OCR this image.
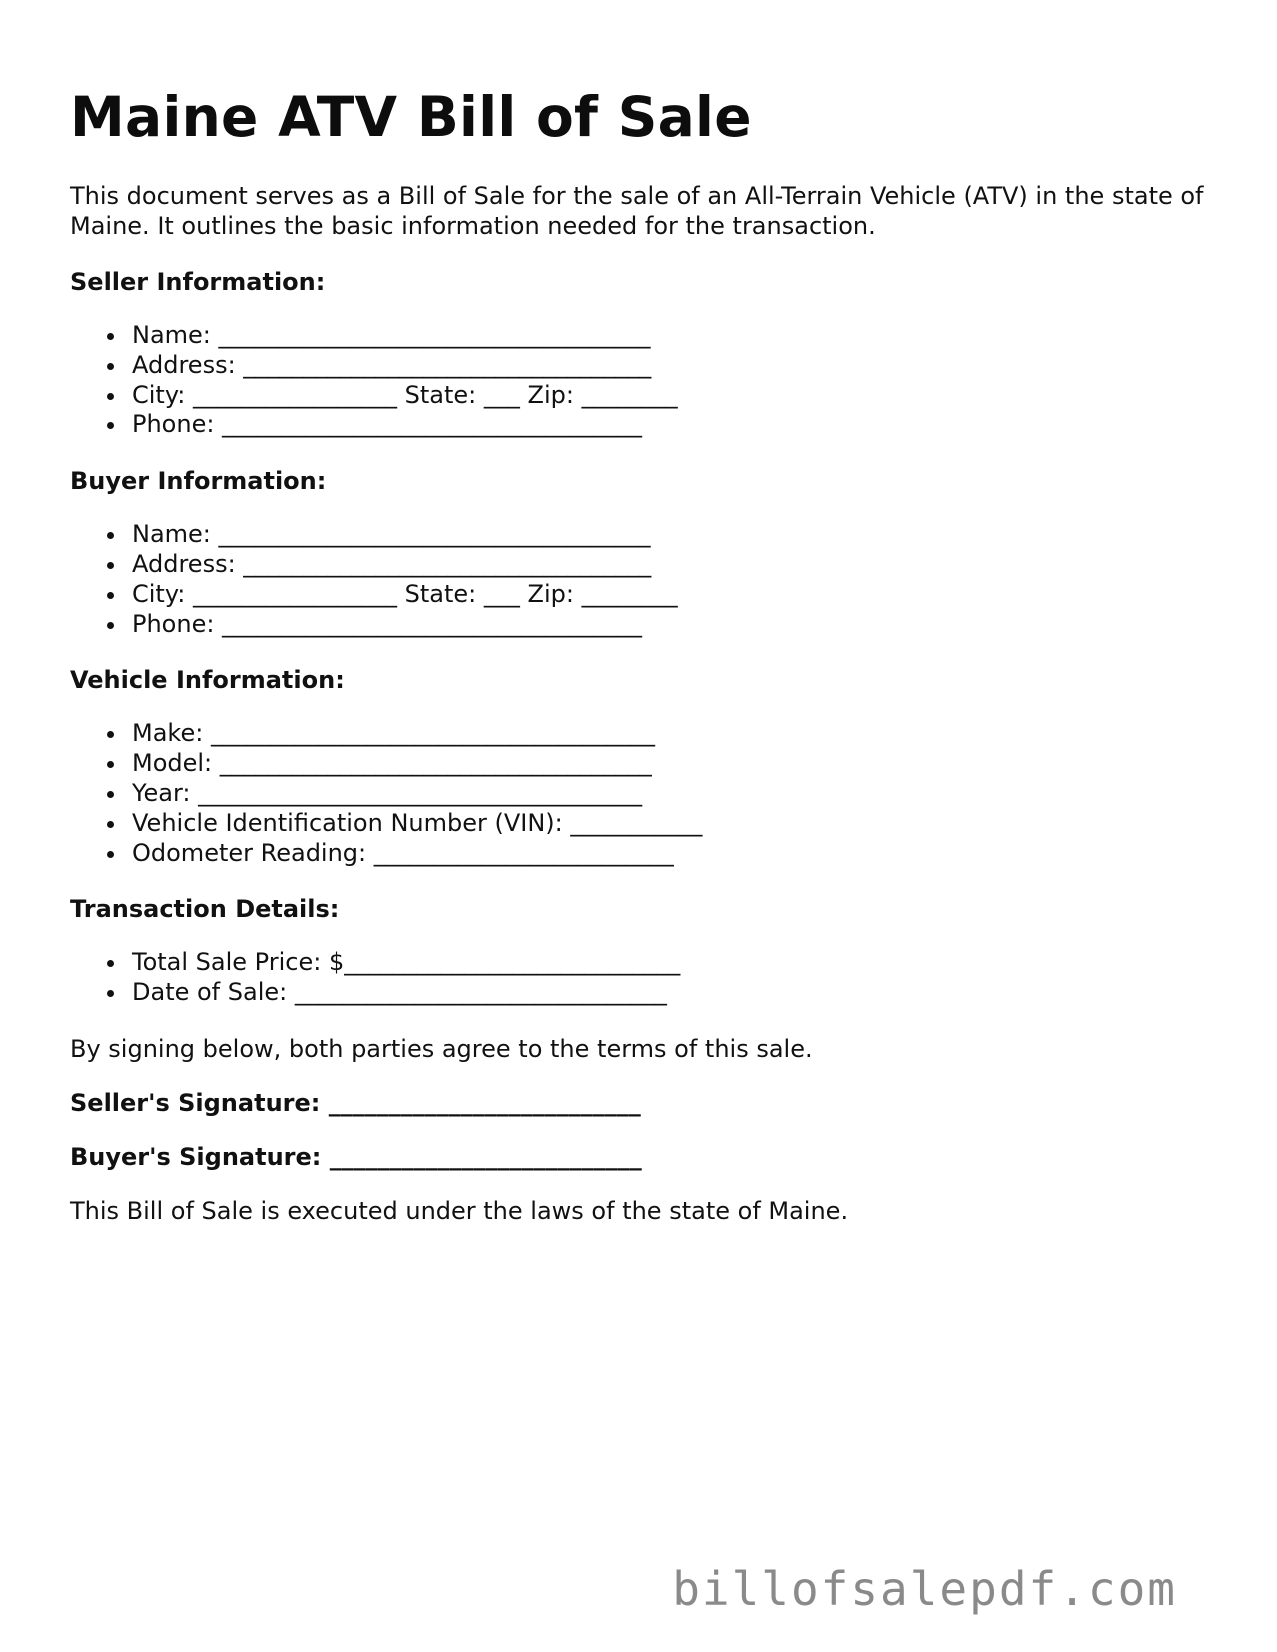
Maine ATV Bill of Sale

This document serves as a Bill of Sale for the sale of an All-Terrain Vehicle (ATV) in the state of Maine. It outlines the basic information needed for the transaction.

Seller Information:

Name: ____________________________________
Address: __________________________________
City: _________________ State: ___ Zip: ________
Phone: ___________________________________

Buyer Information:

Name: ____________________________________
Address: __________________________________
City: _________________ State: ___ Zip: ________
Phone: ___________________________________

Vehicle Information:

Make: _____________________________________
Model: ____________________________________
Year: _____________________________________
Vehicle Identification Number (VIN): ___________
Odometer Reading: _________________________

Transaction Details:

Total Sale Price: $____________________________
Date of Sale: _______________________________

By signing below, both parties agree to the terms of this sale.

Seller's Signature: __________________________

Buyer's Signature: __________________________

This Bill of Sale is executed under the laws of the state of Maine.

billofsalepdf.com
